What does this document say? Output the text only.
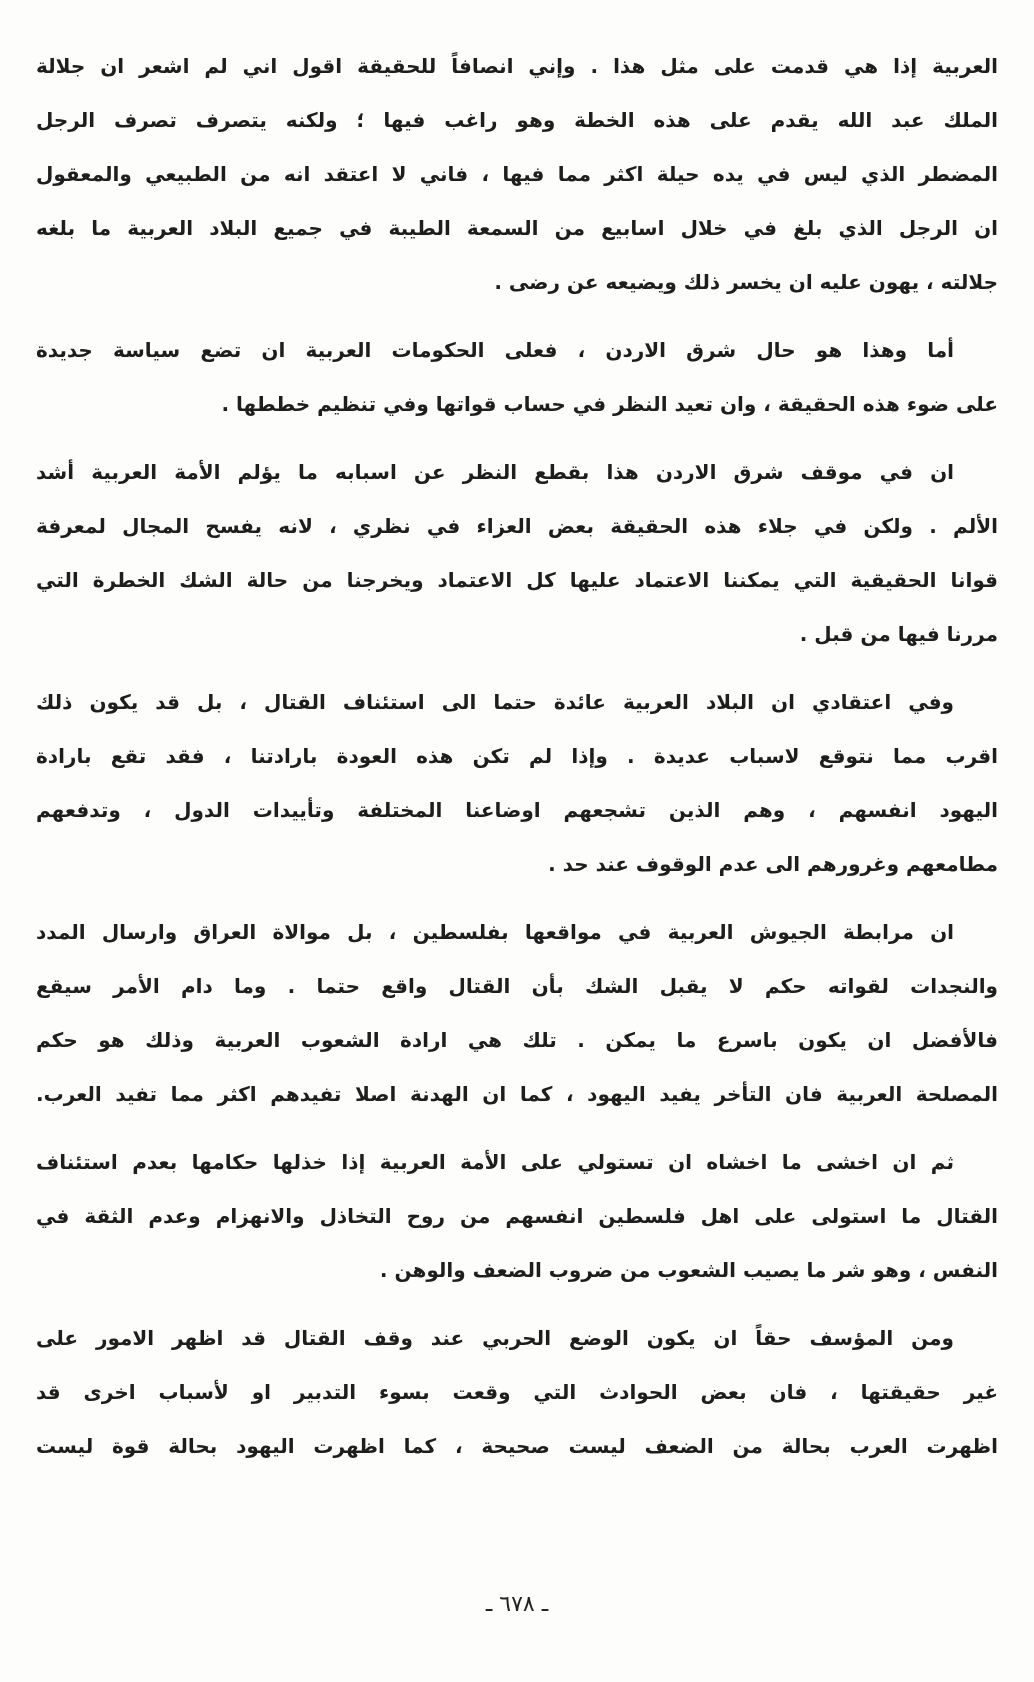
العربية إذا هي قدمت على مثل هذا . وإني انصافاً للحقيقة اقول اني لم اشعر ان جلالة
الملك عبد الله يقدم على هذه الخطة وهو راغب فيها ؛ ولكنه يتصرف تصرف الرجل
المضطر الذي ليس في يده حيلة اكثر مما فيها ، فاني لا اعتقد انه من الطبيعي والمعقول
ان الرجل الذي بلغ في خلال اسابيع من السمعة الطيبة في جميع البلاد العربية ما بلغه
جلالته ، يهون عليه ان يخسر ذلك ويضيعه عن رضى .
أما وهذا هو حال شرق الاردن ، فعلى الحكومات العربية ان تضع سياسة جديدة
على ضوء هذه الحقيقة ، وان تعيد النظر في حساب قواتها وفي تنظيم خططها .
ان في موقف شرق الاردن هذا بقطع النظر عن اسبابه ما يؤلم الأمة العربية أشد
الألم . ولكن في جلاء هذه الحقيقة بعض العزاء في نظري ، لانه يفسح المجال لمعرفة
قوانا الحقيقية التي يمكننا الاعتماد عليها كل الاعتماد ويخرجنا من حالة الشك الخطرة التي
مررنا فيها من قبل .
وفي اعتقادي ان البلاد العربية عائدة حتما الى استئناف القتال ، بل قد يكون ذلك
اقرب مما نتوقع لاسباب عديدة . وإذا لم تكن هذه العودة بارادتنا ، فقد تقع بارادة
اليهود انفسهم ، وهم الذين تشجعهم اوضاعنا المختلفة وتأييدات الدول ، وتدفعهم
مطامعهم وغرورهم الى عدم الوقوف عند حد .
ان مرابطة الجيوش العربية في مواقعها بفلسطين ، بل موالاة العراق وارسال المدد
والنجدات لقواته حكم لا يقبل الشك بأن القتال واقع حتما . وما دام الأمر سيقع
فالأفضل ان يكون باسرع ما يمكن . تلك هي ارادة الشعوب العربية وذلك هو حكم
المصلحة العربية فان التأخر يفيد اليهود ، كما ان الهدنة اصلا تفيدهم اكثر مما تفيد العرب.
ثم ان اخشى ما اخشاه ان تستولي على الأمة العربية إذا خذلها حكامها بعدم استئناف
القتال ما استولى على اهل فلسطين انفسهم من روح التخاذل والانهزام وعدم الثقة في
النفس ، وهو شر ما يصيب الشعوب من ضروب الضعف والوهن .
ومن المؤسف حقاً ان يكون الوضع الحربي عند وقف القتال قد اظهر الامور على
غير حقيقتها ، فان بعض الحوادث التي وقعت بسوء التدبير او لأسباب اخرى قد
اظهرت العرب بحالة من الضعف ليست صحيحة ، كما اظهرت اليهود بحالة قوة ليست
ـ ٦٧٨ ـ
